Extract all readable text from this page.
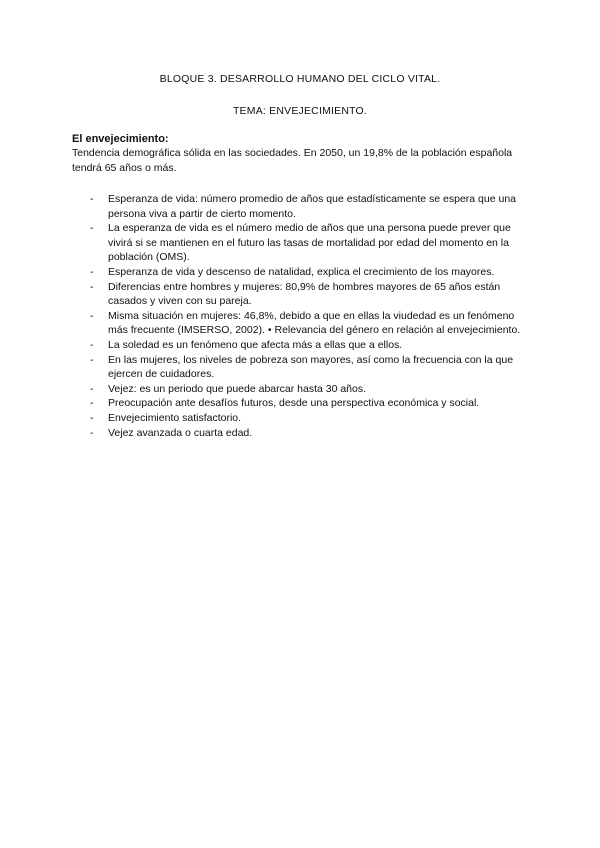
BLOQUE 3. DESARROLLO HUMANO DEL CICLO VITAL.
TEMA: ENVEJECIMIENTO.

El envejecimiento:

Tendencia demográfica sólida en las sociedades. En 2050, un 19,8% de la población española tendrá 65 años o más.

- Esperanza de vida: número promedio de años que estadísticamente se espera que una persona viva a partir de cierto momento.
- La esperanza de vida es el número medio de años que una persona puede prever que vivirá si se mantienen en el futuro las tasas de mortalidad por edad del momento en la población (OMS).
- Esperanza de vida y descenso de natalidad, explica el crecimiento de los mayores.
- Diferencias entre hombres y mujeres: 80,9% de hombres mayores de 65 años están casados y viven con su pareja.
- Misma situación en mujeres: 46,8%, debido a que en ellas la viudedad es un fenómeno más frecuente (IMSERSO, 2002). • Relevancia del género en relación al envejecimiento.
- La soledad es un fenómeno que afecta más a ellas que a ellos.
- En las mujeres, los niveles de pobreza son mayores, así como la frecuencia con la que ejercen de cuidadores.
- Vejez: es un periodo que puede abarcar hasta 30 años.
- Preocupación ante desafíos futuros, desde una perspectiva económica y social.
- Envejecimiento satisfactorio.
- Vejez avanzada o cuarta edad.
